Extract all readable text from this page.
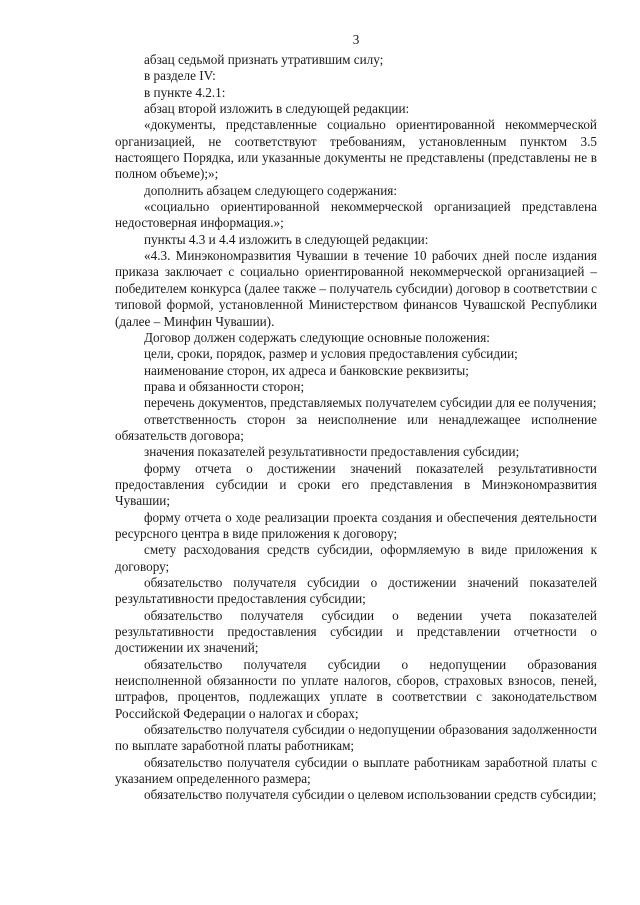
3

абзац седьмой признать утратившим силу;

в разделе IV:

в пункте 4.2.1:

абзац второй изложить в следующей редакции:

«документы, представленные социально ориентированной некоммерческой организацией, не соответствуют требованиям, установленным пунктом 3.5 настоящего Порядка, или указанные документы не представлены (представлены не в полном объеме);»;

дополнить абзацем следующего содержания:

«социально ориентированной некоммерческой организацией представлена недостоверная информация.»;

пункты 4.3 и 4.4 изложить в следующей редакции:

«4.3. Минэкономразвития Чувашии в течение 10 рабочих дней после издания приказа заключает с социально ориентированной некоммерческой организацией – победителем конкурса (далее также – получатель субсидии) договор в соответствии с типовой формой, установленной Министерством финансов Чувашской Республики (далее – Минфин Чувашии).

Договор должен содержать следующие основные положения:

цели, сроки, порядок, размер и условия предоставления субсидии;

наименование сторон, их адреса и банковские реквизиты;

права и обязанности сторон;

перечень документов, представляемых получателем субсидии для ее получения;

ответственность сторон за неисполнение или ненадлежащее исполнение обязательств договора;

значения показателей результативности предоставления субсидии;

форму отчета о достижении значений показателей результативности предоставления субсидии и сроки его представления в Минэкономразвития Чувашии;

форму отчета о ходе реализации проекта создания и обеспечения деятельности ресурсного центра в виде приложения к договору;

смету расходования средств субсидии, оформляемую в виде приложения к договору;

обязательство получателя субсидии о достижении значений показателей результативности предоставления субсидии;

обязательство получателя субсидии о ведении учета показателей результативности предоставления субсидии и представлении отчетности о достижении их значений;

обязательство получателя субсидии о недопущении образования неисполненной обязанности по уплате налогов, сборов, страховых взносов, пеней, штрафов, процентов, подлежащих уплате в соответствии с законодательством Российской Федерации о налогах и сборах;

обязательство получателя субсидии о недопущении образования задолженности по выплате заработной платы работникам;

обязательство получателя субсидии о выплате работникам заработной платы с указанием определенного размера;

обязательство получателя субсидии о целевом использовании средств субсидии;
